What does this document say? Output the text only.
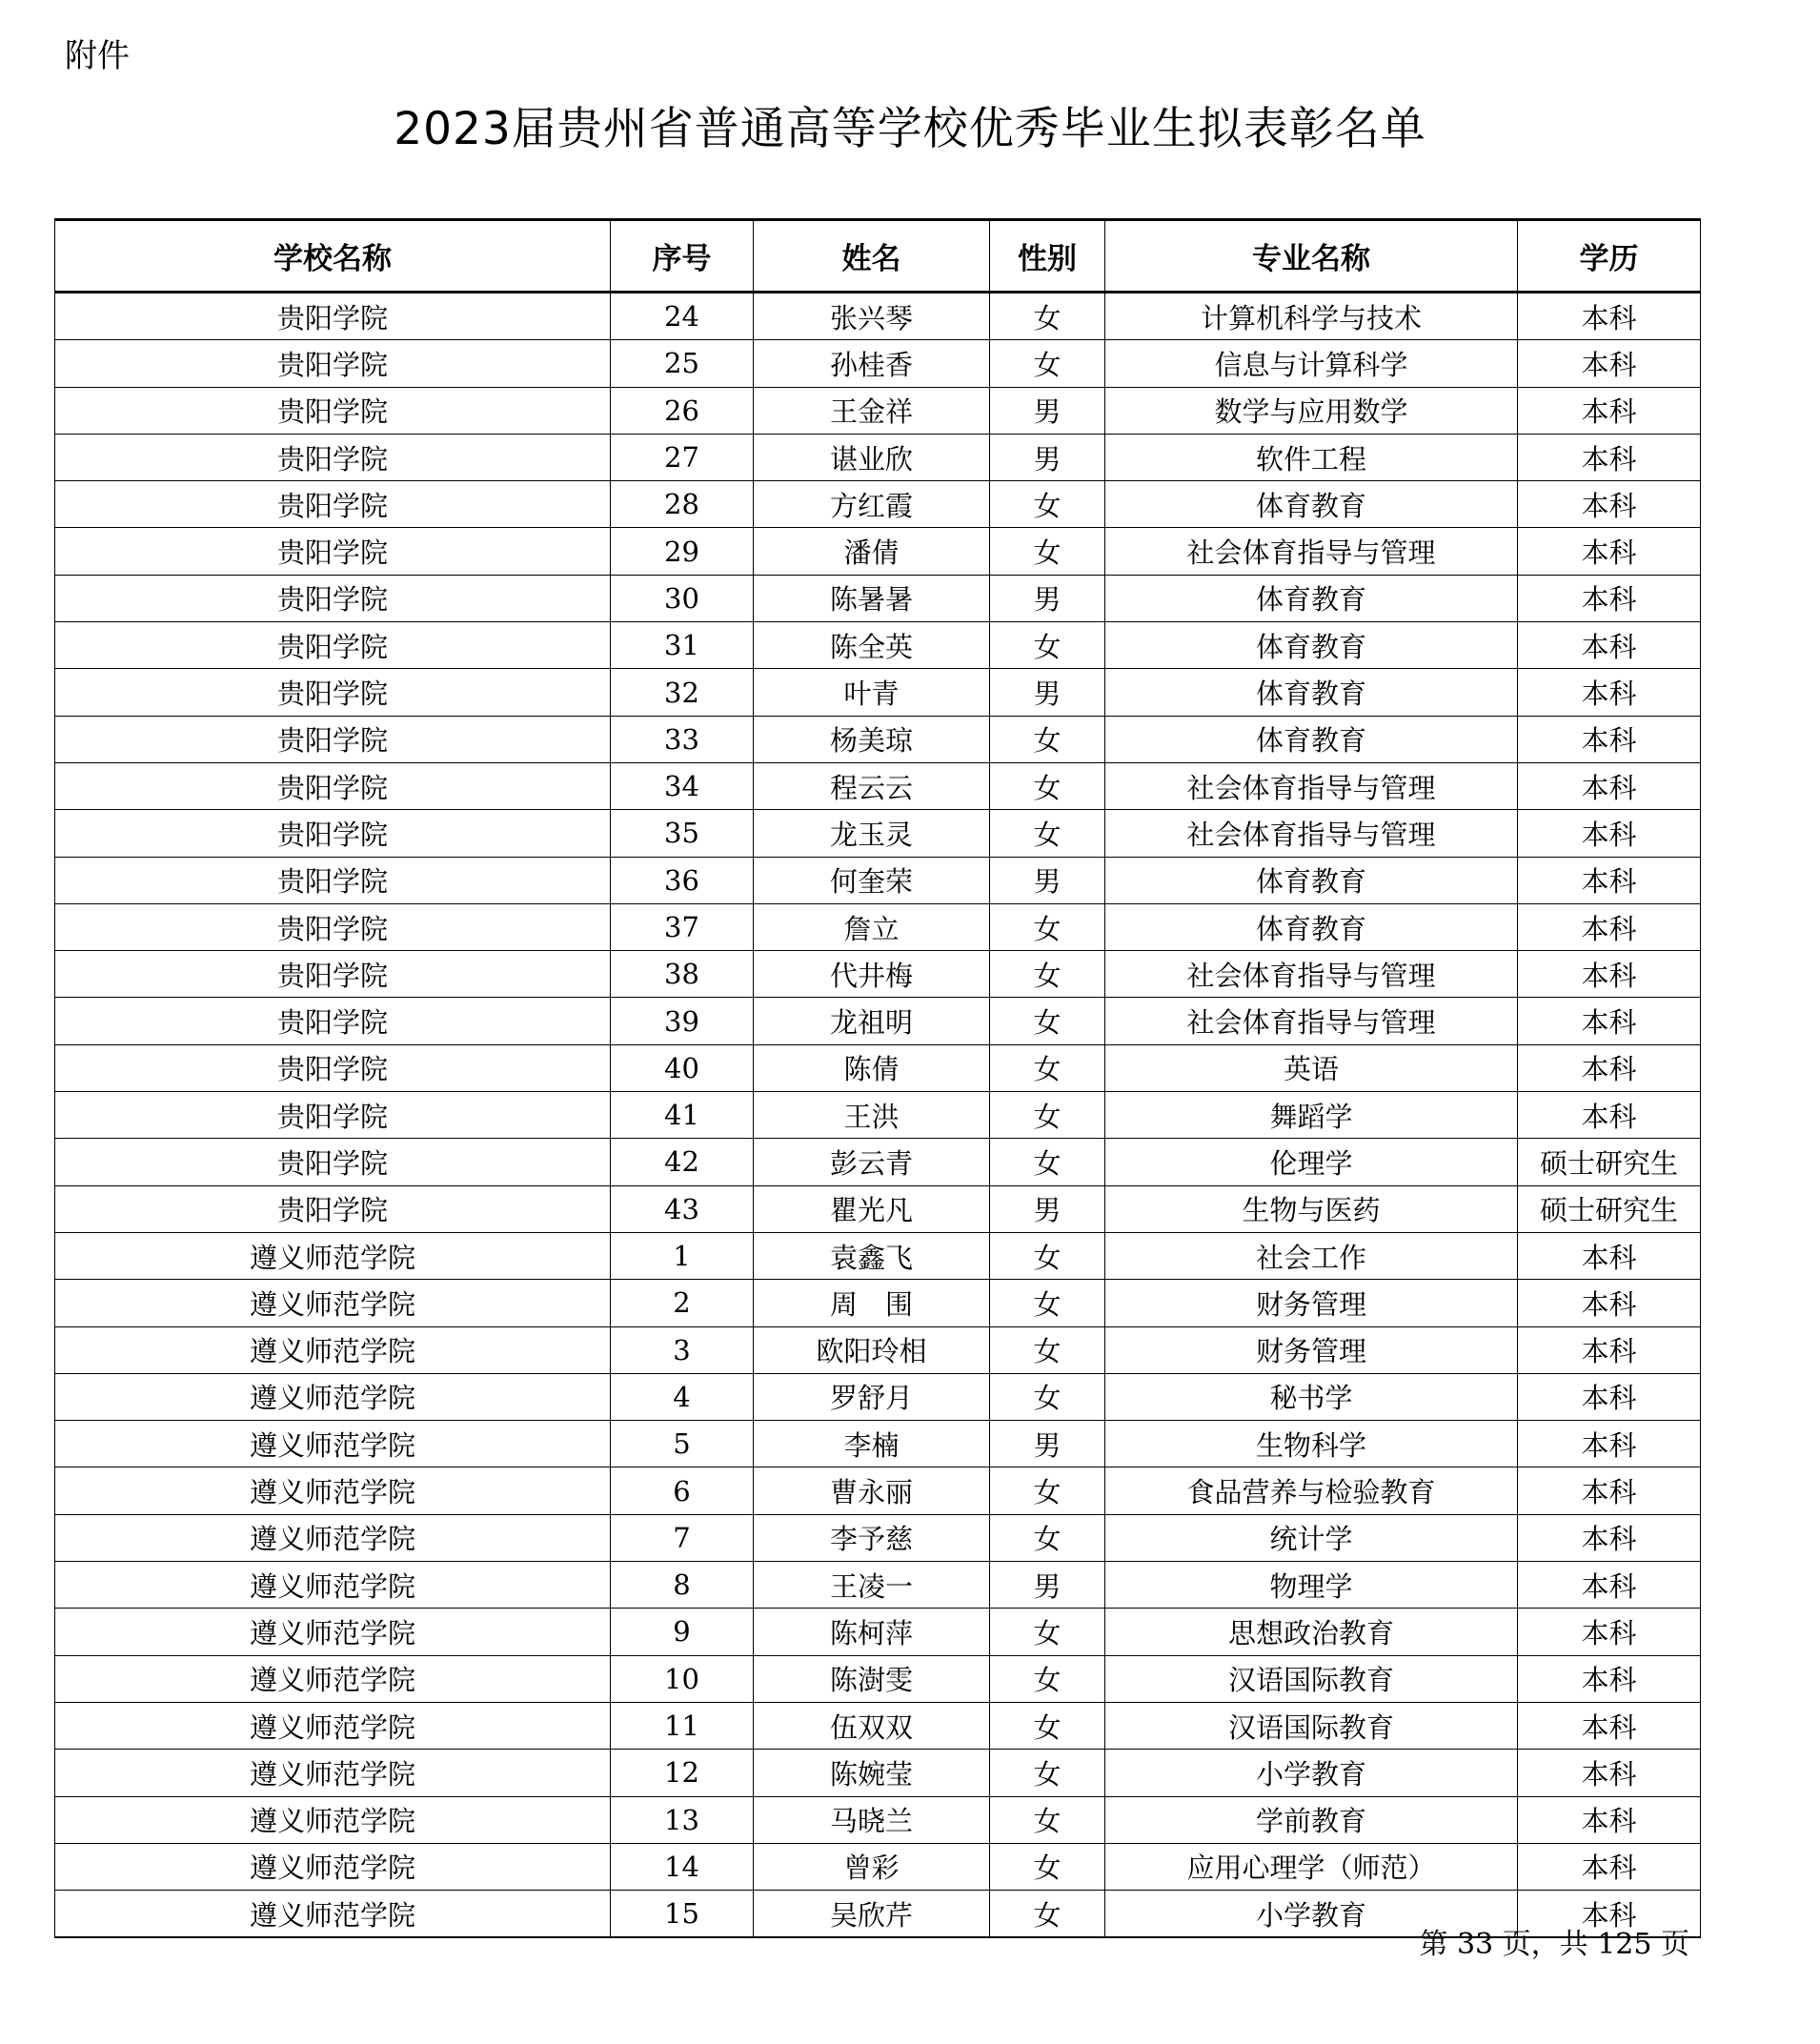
附件
2023届贵州省普通高等学校优秀毕业生拟表彰名单
学校名称	序号	姓名	性别	专业名称	学历
贵阳学院	24	张兴琴	女	计算机科学与技术	本科
贵阳学院	25	孙桂香	女	信息与计算科学	本科
贵阳学院	26	王金祥	男	数学与应用数学	本科
贵阳学院	27	谌业欣	男	软件工程	本科
贵阳学院	28	方红霞	女	体育教育	本科
贵阳学院	29	潘倩	女	社会体育指导与管理	本科
贵阳学院	30	陈暑暑	男	体育教育	本科
贵阳学院	31	陈全英	女	体育教育	本科
贵阳学院	32	叶青	男	体育教育	本科
贵阳学院	33	杨美琼	女	体育教育	本科
贵阳学院	34	程云云	女	社会体育指导与管理	本科
贵阳学院	35	龙玉灵	女	社会体育指导与管理	本科
贵阳学院	36	何奎荣	男	体育教育	本科
贵阳学院	37	詹立	女	体育教育	本科
贵阳学院	38	代井梅	女	社会体育指导与管理	本科
贵阳学院	39	龙祖明	女	社会体育指导与管理	本科
贵阳学院	40	陈倩	女	英语	本科
贵阳学院	41	王洪	女	舞蹈学	本科
贵阳学院	42	彭云青	女	伦理学	硕士研究生
贵阳学院	43	瞿光凡	男	生物与医药	硕士研究生
遵义师范学院	1	袁鑫飞	女	社会工作	本科
遵义师范学院	2	周　围	女	财务管理	本科
遵义师范学院	3	欧阳玲相	女	财务管理	本科
遵义师范学院	4	罗舒月	女	秘书学	本科
遵义师范学院	5	李楠	男	生物科学	本科
遵义师范学院	6	曹永丽	女	食品营养与检验教育	本科
遵义师范学院	7	李予慈	女	统计学	本科
遵义师范学院	8	王凌一	男	物理学	本科
遵义师范学院	9	陈柯萍	女	思想政治教育	本科
遵义师范学院	10	陈澍雯	女	汉语国际教育	本科
遵义师范学院	11	伍双双	女	汉语国际教育	本科
遵义师范学院	12	陈婉莹	女	小学教育	本科
遵义师范学院	13	马晓兰	女	学前教育	本科
遵义师范学院	14	曾彩	女	应用心理学（师范）	本科
遵义师范学院	15	吴欣芹	女	小学教育	本科
第 33 页，共 125 页
